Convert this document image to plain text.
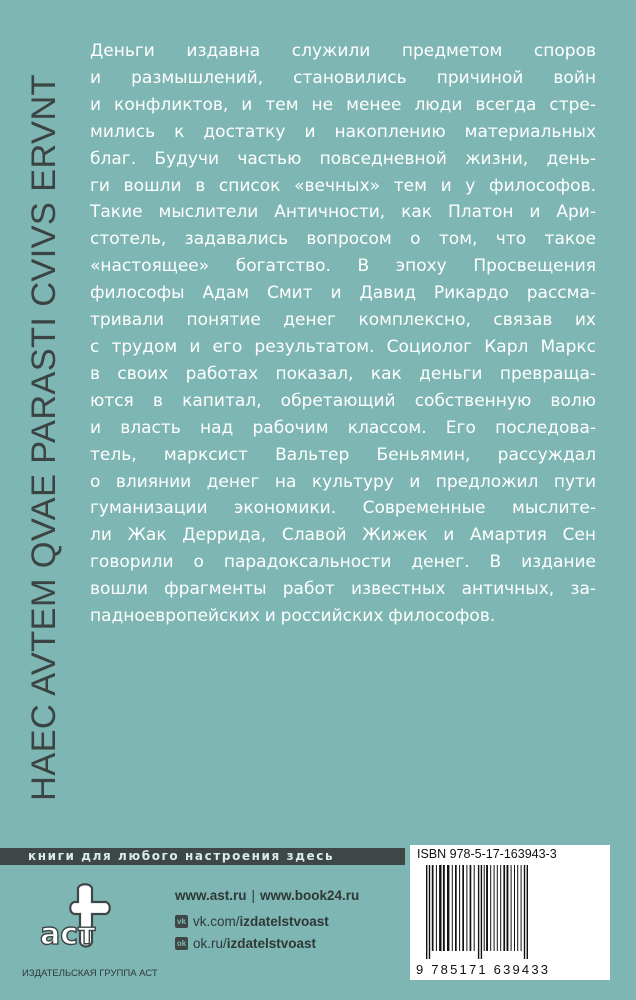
HAEC AVTEM QVAE PARASTI CVIVS ERVNT
Деньги издавна служили предметом споров
и размышлений, становились причиной войн
и конфликтов, и тем не менее люди всегда стре-
мились к достатку и накоплению материальных
благ. Будучи частью повседневной жизни, день-
ги вошли в список «вечных» тем и у философов.
Такие мыслители Античности, как Платон и Ари-
стотель, задавались вопросом о том, что такое
«настоящее» богатство. В эпоху Просвещения
философы Адам Смит и Давид Рикардо рассма-
тривали понятие денег комплексно, связав их
с трудом и его результатом. Социолог Карл Маркс
в своих работах показал, как деньги превраща-
ются в капитал, обретающий собственную волю
и власть над рабочим классом. Его последова-
тель, марксист Вальтер Беньямин, рассуждал
о влиянии денег на культуру и предложил пути
гуманизации экономики. Современные мыслите-
ли Жак Деррида, Славой Жижек и Амартия Сен
говорили о парадоксальности денег. В издание
вошли фрагменты работ известных античных, за-
падноевропейских и российских философов.
книги для любого настроения здесь
аст
ИЗДАТЕЛЬСКАЯ ГРУППА АСТ
www.ast.ru | www.book24.ru
vk vk.com/ izdatelstvoast
ok ok.ru/ izdatelstvoast
ISBN 978-5-17-163943-3
9 785171 639433
